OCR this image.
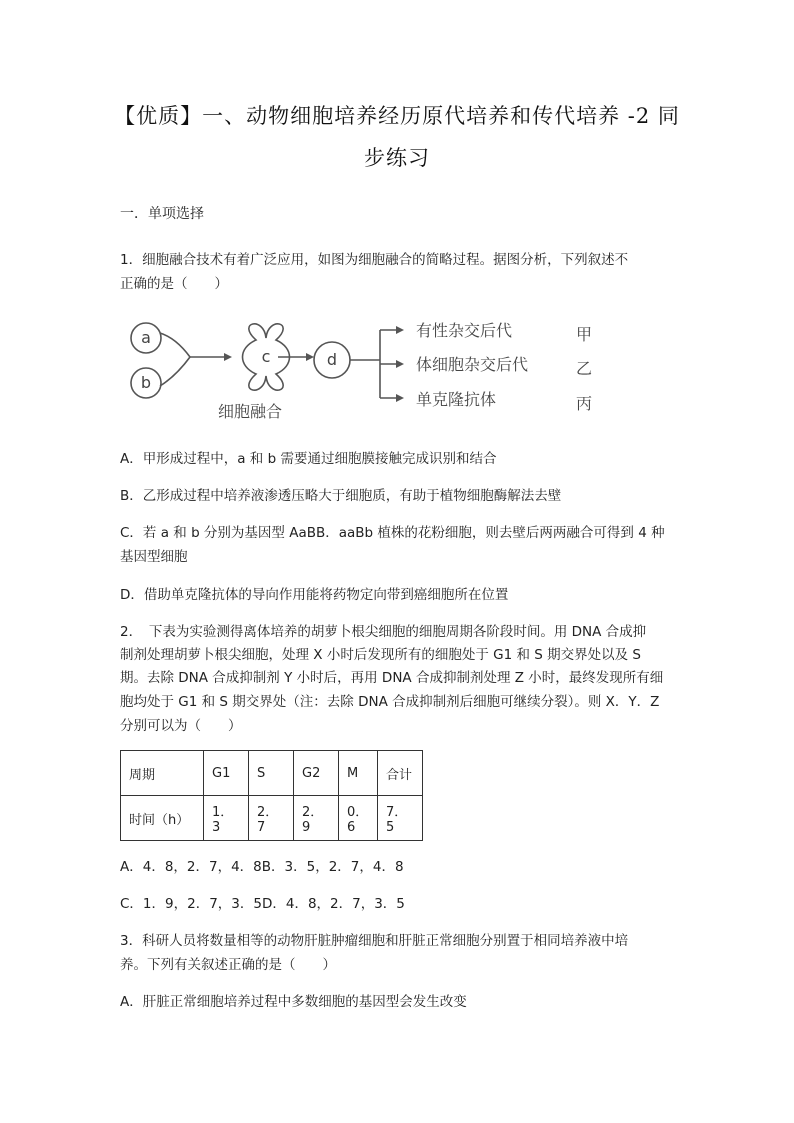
【优质】一、动物细胞培养经历原代培养和传代培养 -2 同
步练习
一．单项选择
1．细胞融合技术有着广泛应用，如图为细胞融合的简略过程。据图分析，下列叙述不
正确的是（　　）
a
b
c	d
细胞融合
有性杂交后代
体细胞杂交后代
单克隆抗体
甲
乙
丙
A．甲形成过程中，a 和 b 需要通过细胞膜接触完成识别和结合
B．乙形成过程中培养液渗透压略大于细胞质，有助于植物细胞酶解法去壁
C．若 a 和 b 分别为基因型 AaBB．aaBb 植株的花粉细胞，则去壁后两两融合可得到 4 种
基因型细胞
D．借助单克隆抗体的导向作用能将药物定向带到癌细胞所在位置
2．　下表为实验测得离体培养的胡萝卜根尖细胞的细胞周期各阶段时间。用 DNA 合成抑
制剂处理胡萝卜根尖细胞，处理 X 小时后发现所有的细胞处于 G1 和 S 期交界处以及 S
期。去除 DNA 合成抑制剂 Y 小时后，再用 DNA 合成抑制剂处理 Z 小时，最终发现所有细
胞均处于 G1 和 S 期交界处（注：去除 DNA 合成抑制剂后细胞可继续分裂）。则 X．Y．Z
分别可以为（　　）
周期	G1	S	G2	M	合计
时间（h）	1．3	2．7	2．9	0．6	7．5
A．4．8，2．7，4．8B．3．5，2．7，4．8
C．1．9，2．7，3．5D．4．8，2．7，3．5
3．科研人员将数量相等的动物肝脏肿瘤细胞和肝脏正常细胞分别置于相同培养液中培
养。下列有关叙述正确的是（　　）
A．肝脏正常细胞培养过程中多数细胞的基因型会发生改变
